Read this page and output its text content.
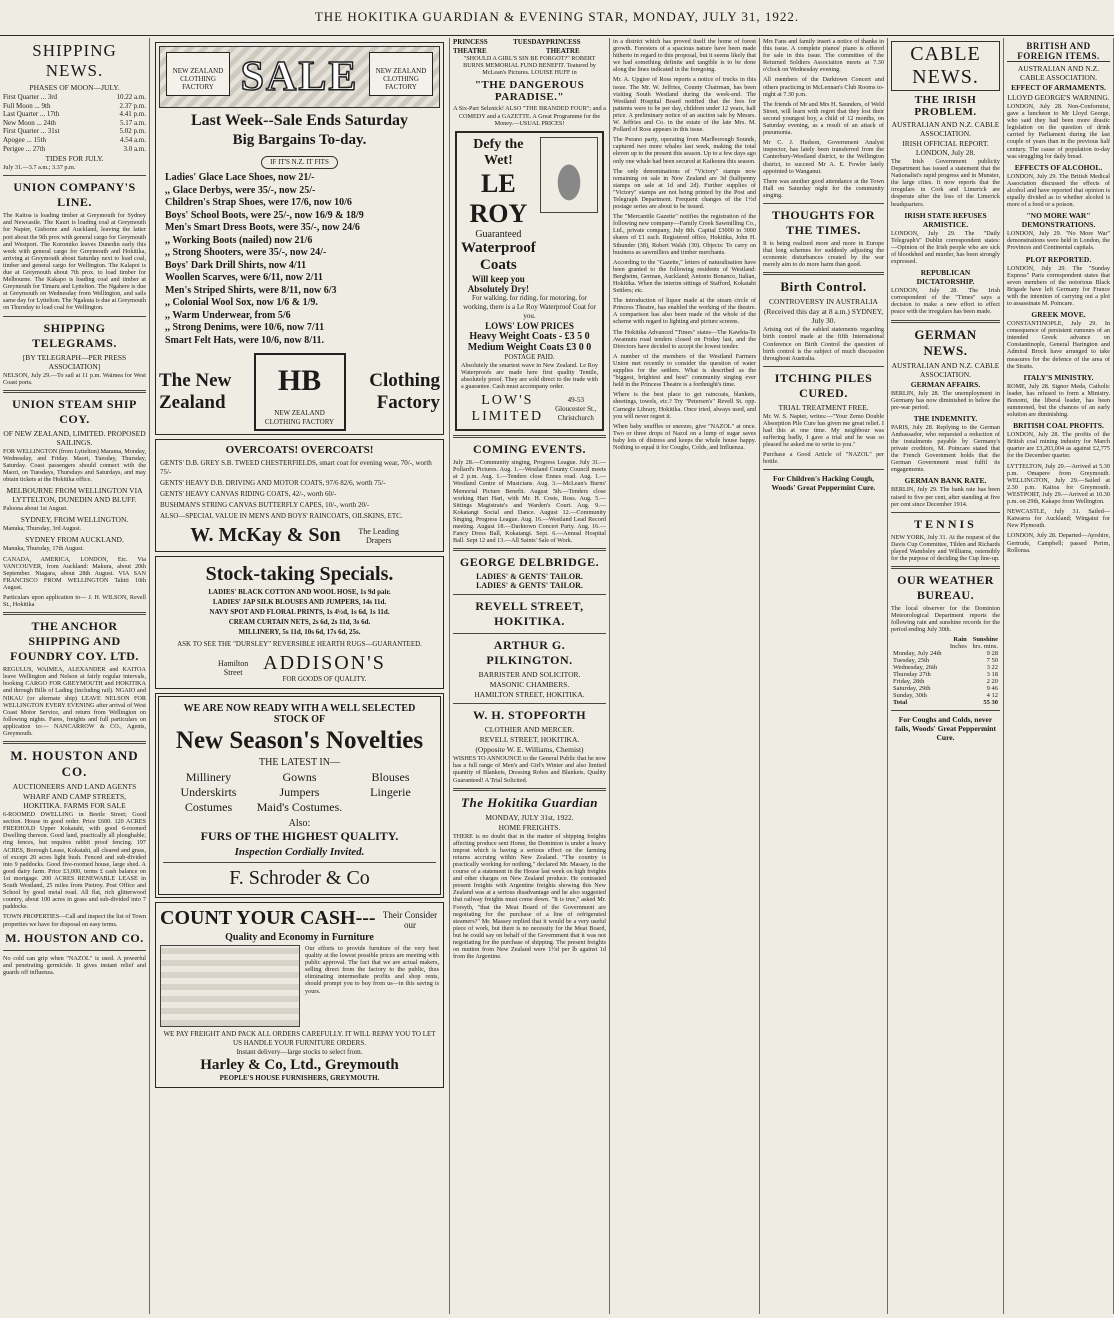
THE HOKITIKA GUARDIAN & EVENING STAR, MONDAY, JULY 31, 1922.
SHIPPING NEWS.
PHASES OF MOON—JULY.
First Quarter ... 3rd	10.22 a.m.
Full Moon ... 9th	2.37 p.m.
Last Quarter ... 17th	4.41 p.m.
New Moon ... 24th	5.17 a.m.
First Quarter ... 31st	5.02 p.m.
Apogee ... 15th	4.54 a.m.
Perigee ... 27th	3.0 a.m.
TIDES FOR JULY.
July 31.—3.7 a.m.; 3.37 p.m.
UNION COMPANY'S LINE.
The Kaitoa is loading timber at Greymouth for Sydney and Newcastle. The Kauri is loading coal at Greymouth for Napier, Gisborne and Auckland, leaving the latter port about the 9th prox with general cargo for Greymouth and Westport. The Koromiko leaves Dunedin early this week with general cargo for Greymouth and Hokitika, arriving at Greymouth about Saturday next to load coal, timber and general cargo for Wellington. The Kalapoi is due at Greymouth about 7th prox. to load timber for Melbourne. The Kakapo is loading coal and timber at Greymouth for Timaru and Lyttelton. The Ngahere is due at Greymouth on Wednesday from Wellington, and sails same day for Lyttelton. The Ngakuta is due at Greymouth on Thursday to load coal for Wellington.
SHIPPING TELEGRAMS.
[BY TELEGRAPH—PER PRESS ASSOCIATION]
NELSON, July 29.—To sail at 11 p.m. Waimea for West Coast ports.
UNION STEAM SHIP COY.
OF NEW ZEALAND, LIMITED. PROPOSED SAILINGS.
FOR WELLINGTON (from Lyttelton) Marama, Monday, Wednesday, and Friday. Maori, Tuesday, Thursday, Saturday. Coast passengers should connect with the Maori, on Tuesdays, Thursdays and Saturdays, and may obtain tickets at the Hokitika office.
MELBOURNE FROM WELLINGTON VIA LYTTELTON, DUNEDIN AND BLUFF.
Paloona about 1st August.
SYDNEY, FROM WELLINGTON.
Manuka, Thursday, 3rd August.
SYDNEY FROM AUCKLAND.
Manuka, Thursday, 17th August.
CANADA, AMERICA, LONDON, Etc. Via VANCOUVER, from Auckland: Makura, about 20th September. Niagara, about 28th August. VIA SAN FRANCISCO FROM WELLINGTON Tahiti 10th August.
Particulars upon application to— J. H. WILSON, Revell St., Hokitika
THE ANCHOR SHIPPING AND FOUNDRY COY. LTD.
REGULUS, WAIMEA, ALEXANDER and KAITOA leave Wellington and Nelson at fairly regular intervals, booking CARGO FOR GREYMOUTH and HOKITIKA and through Bills of Lading (including rail). NGAIO and NIKAU (or alternate ship) LEAVE NELSON FOR WELLINGTON EVERY EVENING after arrival of West Coast Motor Service, and return from Wellington on following nights. Fares, freights and full particulars on application to:— NANCARROW & CO., Agents, Greymouth.
M. HOUSTON AND CO.
AUCTIONEERS AND LAND AGENTS
WHARF AND CAMP STREETS, HOKITIKA. FARMS FOR SALE
6-ROOMED DWELLING in Beetle Street; Good section. House in good order. Price £600. 120 ACRES FREEHOLD Upper Kokatahi, with good 6-roomed Dwelling thereon. Good land, practically all ploughable; ring fences, but requires rabbit proof fencing. 197 ACRES, Borough Lease, Kokatahi, all cleared and grass, of except 20 acres light bush. Fenced and sub-divided into 9 paddocks. Good five-roomed house, large shed. A good dairy farm. Price £3,000, terms £ cash balance on 1st mortgage. 200 ACRES RENEWABLE LEASE in South Westland, 25 miles from Pietroy. Post Office and School by good metal road. All flat, rich glitterwood country, about 100 acres in grass and sub-divided into 7 paddocks.
TOWN PROPERTIES—Call and inspect the list of Town properties we have for disposal on easy terms.
M. HOUSTON AND CO.
No cold can grip when "NAZOL" is used. A powerful and penetrating germicide. It gives instant relief and guards off influenza.
NEW ZEALAND CLOTHING FACTORY SALE	NEW ZEALAND CLOTHING FACTORY
Last Week--Sale Ends Saturday
Big Bargains To-day.
IF IT'S N.Z. IT FITS
Ladies' Glace Lace Shoes, now 21/-
,, Glace Derbys, were 35/-, now 25/-
Children's Strap Shoes, were 17/6, now 10/6
Boys' School Boots, were 25/-, now 16/9 & 18/9
Men's Smart Dress Boots, were 35/-, now 24/6
,, Working Boots (nailed) now 21/6
,, Strong Shooters, were 35/-, now 24/-
Boys' Dark Drill Shirts, now 4/11
Woollen Scarves, were 6/11, now 2/11
Men's Striped Shirts, were 8/11, now 6/3
,, Colonial Wool Sox, now 1/6 & 1/9.
,, Warm Underwear, from 5/6
,, Strong Denims, were 10/6, now 7/11
Smart Felt Hats, were 10/6, now 8/11.
The New Zealand
HB
NEW ZEALAND CLOTHING FACTORY
Clothing Factory
OVERCOATS! OVERCOATS!
GENTS' D.B. GREY S.B. TWEED CHESTERFIELDS, smart coat for evening wear, 70/-, worth 75/-
GENTS' HEAVY D.B. DRIVING AND MOTOR COATS, 97/6 82/6, worth 75/-
GENTS' HEAVY CANVAS RIDING COATS, 42/-, worth 60/-
BUSHMAN'S STRING CANVAS BUTTERFLY CAPES, 10/-, worth 20/-
ALSO—SPECIAL VALUE IN MEN'S AND BOYS' RAINCOATS, OILSKINS, ETC.
W. McKay & Son	The Leading Drapers
Stock-taking Specials.
LADIES' BLACK COTTON AND WOOL HOSE, 1s 9d pair.
LADIES' JAP SILK BLOUSES AND JUMPERS, 14s 11d.
NAVY SPOT AND FLORAL PRINTS, 1s 4½d, 1s 6d, 1s 11d.
CREAM CURTAIN NETS, 2s 6d, 2s 11d, 3s 6d.
MILLINERY, 5s 11d, 10s 6d, 17s 6d, 25s.
ASK TO SEE THE "DURSLEY" REVERSIBLE HEARTH RUGS—GUARANTEED.
Hamilton Street	ADDISON'S
FOR GOODS OF QUALITY.
WE ARE NOW READY WITH A WELL SELECTED STOCK OF
New Season's Novelties
THE LATEST IN—
Millinery	Gowns	Blouses
Underskirts	Jumpers	Lingerie
Costumes	Maid's Costumes.
Also:
FURS OF THE HIGHEST QUALITY.
Inspection Cordially Invited.
F. Schroder & Co
COUNT YOUR CASH--- Their Consider our
Quality and Economy in Furniture
Our efforts to provide furniture of the very best quality at the lowest possible prices are meeting with public approval. The fact that we are actual makers, selling direct from the factory to the public, thus eliminating intermediate profits and shop rents, should prompt you to buy from us—in this saving is yours.
WE PAY FREIGHT AND PACK ALL ORDERS CAREFULLY. IT WILL REPAY YOU TO LET US HANDLE YOUR FURNITURE ORDERS.
Instant delivery—large stocks to select from.
Harley & Co, Ltd., Greymouth
PEOPLE'S HOUSE FURNISHERS, GREYMOUTH.
PRINCESS THEATRE
TUESDAY PRINCESS THEATRE
"SHOULD A GIRL'S SIN BE FORGOT?" ROBERT BURNS MEMORIAL FUND BENEFIT. Teatured by McLean's Pictures. LOUISE HUFF in
"THE DANGEROUS PARADISE."
A Six-Part Selznick! ALSO "THE BRANDED FOUR"; and a COMEDY and a GAZETTE. A Great Programme for the Money.—USUAL PRICES!
Defy the Wet!
LE ROY
Guaranteed
Waterproof Coats
Will keep you Absolutely Dry!
For walking, for riding, for motoring, for working, there is a Le Roy Waterproof Coat for you.
LOWS' LOW PRICES
Heavy Weight Coats - £3 5 0
Medium Weight Coats £3 0 0
POSTAGE PAID.
Absolutely the smartest wave in New Zealand. Le Roy Waterproofs are made here first quality Tentile, absolutely proof. They are sold direct to the trade with a guarantee. Cash must accompany order.
LOW'S LIMITED
49-53 Gloucester St., Christchurch
COMING EVENTS.
July 28.—Community singing, Progress League. July 31.—Pollard's Pictures. Aug. 1.—Westland County Council meets at 2 p.m. Aug. 1.—Tenders close Ennes road. Aug. 1.—Westland Centre of Musicians. Aug. 3.—McLean's Burns' Memorial Picture Benefit. August 5th.—Tenders close working Hari Hari, with Mr. H. Costs, Ross. Aug. 5.—Sittings Magistrate's and Warden's Court. Aug. 9.—Kokatangi Social and Dance. August 12.—Community Singing, Progress League. Aug. 16.—Westland Lead Record meeting. August 18.—Darktown Concert Party. Aug. 16.—Fancy Dress Ball, Kokatangi. Sept. 6.—Annual Hospital Ball. Sept 12 and 13.—All Saints' Sale of Work.
GEORGE DELBRIDGE.
LADIES' & GENTS' TAILOR.
LADIES' & GENTS' TAILOR.
REVELL STREET, HOKITIKA.
ARTHUR G. PILKINGTON.
BARRISTER AND SOLICITOR.
MASONIC CHAMBERS.
HAMILTON STREET, HOKITIKA.
W. H. STOPFORTH
CLOTHIER AND MERCER.
REVELL STREET, HOKITIKA.
(Opposite W. E. Williams, Chemist)
WISHES TO ANNOUNCE to the General Public that he now has a full range of Men's and Girl's Winter and also limited quantity of Blankets, Dressing Robes and Blankets. Quality Guaranteed! A Trial Solicited.
The Hokitika Guardian
MONDAY, JULY 31st, 1922.
HOME FREIGHTS.
THERE is no doubt that in the matter of shipping freights affecting produce sent Home, the Dominion is under a heavy impost which is having a serious effect on the farming returns accruing within New Zealand. "The country is practically working for nothing," declared Mr. Massey, in the course of a statement in the House last week on high freights and other charges on New Zealand produce. He contrasted present freights with Argentine freights showing this New Zealand was at a serious disadvantage and he also suggested that railway freights must come down. "It is true," asked Mr. Forsyth, "that the Meat Board of the Government are negotiating for the purchase of a line of refrigerated steamers?" Mr. Massey replied that it would be a very useful piece of work, but there is no necessity for the Meat Board, but he could say on behalf of the Government that it was not negotiating for the purchase of shipping. The present freights on mutton from New Zealand were 1½d per lb against 1d from the Argentine.
in a district which has proved itself the home of forest growth. Foresters of a spacious nature have been made hitherto in regard to this proposal, but it seems likely that we had something definite and tangible is to be done along the lines indicated in the foregoing.
Mr. A. Upgiee of Ross reports a notice of trucks in this issue. The Mr. W. Jeffries, County Chairman, has been visiting South Westland during the week-end. The Westland Hospital Board notified that the fees for patients were to be per day, children under 12 years, half price. A preliminary notice of an auction sale by Messrs. W. Jeffries and Co. in the estate of the late Mrs. M. Pollard of Ross appears in this issue.
The Perano party, operating from Marlborough Sounds, captured two more whales last week, making the total eleven up to the present this season. Up to a few days ago only one whale had been secured at Kaikoura this season.
The only denominations of "Victory" stamps now remaining on sale in New Zealand are 3d (halfpenny stamps on sale at 1d and 2d). Further supplies of "Victory" stamps are not being printed by the Post and Telegraph Department. Frequent changes of the 1½d postage series are about to be issued.
The "Mercantile Gazette" notifies the registration of the following new company—Family Creek Sawmilling Co., Ltd., private company, July 8th. Capital £3000 in 3000 shares of £1 each. Registered office, Hokitika, John H. Sthunder (38), Robert Walsh (30). Objects: To carry on business as sawmillers and timber merchants.
According to the "Gazette," letters of naturalisation have been granted to the following residents of Westland: Bergheim, German, Auckland; Antonio Bonanco, Italian, Hokitika. When the interim sittings of Stafford, Kokatahi Settlers; etc.
The introduction of liquor made at the steam circle of Princess Theatre, has enabled the working of the theatre. A comparison has also been made of the whole of the scheme with regard to lighting and picture screens.
The Hokitika Advanced "Times" states—The Kawhia-Te Awamutu road tenders closed on Friday last, and the Directors have decided to accept the lowest tender.
A number of the members of the Westland Farmers Union met recently to consider the question of water supplies for the settlers. What is described as the "biggest, brightest and best" community singing ever held in the Princess Theatre is a forthnight's time.
Where is the best place to get raincoats, blankets, sheetings, towels, etc.? Try "Petersen's" Revell St. opp. Carnegie Library, Hokitika. Once tried, always used, and you will never regret it.
When baby snuffles or sneezes, give "NAZOL" at once. Two or three drops of Nazol on a lump of sugar saves baby lots of distress and keeps the whole house happy. Nothing to equal it for Coughs, Colds, and Influenza.
Mrs Fans and family insert a notice of thanks in this issue. A complete pianos' piano is offered for sale in this issue. The committee of the Returned Soldiers Association meets at 7.30 o'clock on Wednesday evening.
All members of the Darktown Concert and others practicing in McLennan's Club Rooms to-night at 7.30 p.m.
The friends of Mr and Mrs H. Saunders, of Weld Street, will learn with regret that they lost their second youngest boy, a child of 12 months, on Saturday evening, as a result of an attack of pneumonia.
Mr C. J. Hudson, Government Analyst inspector, has lately been transferred from the Canterbury-Westland district, to the Wellington district, to succeed Mr A. E. Fowler lately appointed to Wanganui.
There was another good attendance at the Town Hall on Saturday night for the community singing.
THOUGHTS FOR THE TIMES.
It is being realized more and more in Europe that long schemes for suddenly adjusting the economic disturbances created by the war merely aim to do more harm than good.
Birth Control.
CONTROVERSY IN AUSTRALIA
(Received this day at 8 a.m.) SYDNEY, July 30.
Arising out of the eabled statements regarding birth control made at the fifth International Conference on Birth Control the question of birth control is the subject of much discussion throughout Australia.
ITCHING PILES CURED.
TRIAL TREATMENT FREE.
Mr. W. S. Napier, writes:—"Your Zemo Double Absorption Pile Cure has given me great relief. I had this at one time. My neighbour was suffering badly, I gave a trial and he was so pleased he asked me to write to you."
Purchase a Good Article of "NAZOL" per bottle.
For Children's Hacking Cough, Woods' Great Peppermint Cure.
CABLE NEWS.
THE IRISH PROBLEM.
AUSTRALIAN AND N.Z. CABLE ASSOCIATION.
IRISH OFFICIAL REPORT. LONDON, July 28.
The Irish Government publicity Department has issued a statement that the Nationalist's rapid progress and in Munster, the large cities. It now reports that the irregulars in Cork and Limerick are desperate after the loss of the Limerick headquarters.
IRISH STATE REFUSES ARMISTICE.
LONDON, July 29. The "Daily Telegraph's" Dublin correspondent states:—Opinion of the Irish people who are sick of bloodshed and murder, has been strongly expressed.
REPUBLICAN DICTATORSHIP.
LONDON, July 28. The Irish correspondent of the "Times" says a decision to make a new effort to effect peace with the irregulars has been made.
GERMAN NEWS.
AUSTRALIAN AND N.Z. CABLE ASSOCIATION.
GERMAN AFFAIRS.
BERLIN, July 28. The unemployment in Germany has now diminished to below the pre-war period.
THE INDEMNITY.
PARIS, July 28. Replying to the German Ambassador, who requested a reduction of the instalments payable by Germany's private creditors, M. Poincare stated that the French Government holds that the German Government must fulfil its engagements.
GERMAN BANK RATE.
BERLIN, July 29. The bank rate has been raised to five per cent, after standing at five per cent since December 1914.
TENNIS
NEW YORK, July 31. At the request of the Davis Cup Committee, Tilden and Richards played Wambsley and Williams, ostensibly for the purpose of deciding the Cup line-up.
OUR WEATHER BUREAU.
The local observer for the Dominion Meteorological Department reports the following rain and sunshine records for the period ending July 30th.
	Rain	Sunshine
	Inches	hrs. mins.
Monday, July 24th		9 28
Tuesday, 25th		7 50
Wednesday, 26th		3 22
Thursday 27th		3 18
Friday, 28th		2 20
Saturday, 29th		9 46
Sunday, 30th		4 12
Total		55 30
For Coughs and Colds, never fails, Woods' Great Peppermint Cure.
BRITISH AND FOREIGN ITEMS.
AUSTRALIAN AND N.Z. CABLE ASSOCIATION.
EFFECT OF ARMAMENTS.
LLOYD GEORGE'S WARNING.
LONDON, July 28. Non-Conformist, gave a luncheon to Mr Lloyd George, who said they had been more drastic legislation on the question of drink carried by Parliament during the last couple of years than in the previous half century. The cause of population to-day was struggling for daily bread.
EFFECTS OF ALCOHOL.
LONDON, July 29. The British Medical Association discussed the effects of alcohol and have reported that opinion is equally divided as to whether alcohol is more of a food or a poison.
"NO MORE WAR" DEMONSTRATIONS.
LONDON, July 29. "No More War" demonstrations were held in London, the Provinces and Continental capitals.
PLOT REPORTED.
LONDON, July 29. The "Sunday Express" Paris correspondent states that seven members of the notorious Black Brigade have left Germany for France with the intention of carrying out a plot to assassinate M. Poincare.
GREEK MOVE.
CONSTANTINOPLE, July 29. In consequence of persistent rumours of an intended Greek advance on Constantinople, General Harington and Admiral Brock have arranged to take measures for the defence of the area of the Straits.
ITALY'S MINISTRY.
ROME, July 28. Signor Meda, Catholic leader, has refused to form a Ministry. Bonomi, the liberal leader, has been summoned, but the chances of an early solution are diminishing.
BRITISH COAL PROFITS.
LONDON, July 28. The profits of the British coal mining industry for March quarter are £3,203,004 as against £2,775 for the December quarter.
LYTTELTON, July 29.—Arrived at 5.30 p.m. Omapere from Greymouth. WELLINGTON, July 29.—Sailed at 2.30 p.m. Kaitoa for Greymouth. WESTPORT, July 29.—Arrived at 10.30 p.m. on 29th, Kakapo from Wellington.
NEWCASTLE, July 31. Sailed—Kaiwarra for Auckland; Wingatui for New Plymouth.
LONDON, July 28. Departed—Ayrshire, Gertrude, Campbell; passed Perim, Rollonsa.
